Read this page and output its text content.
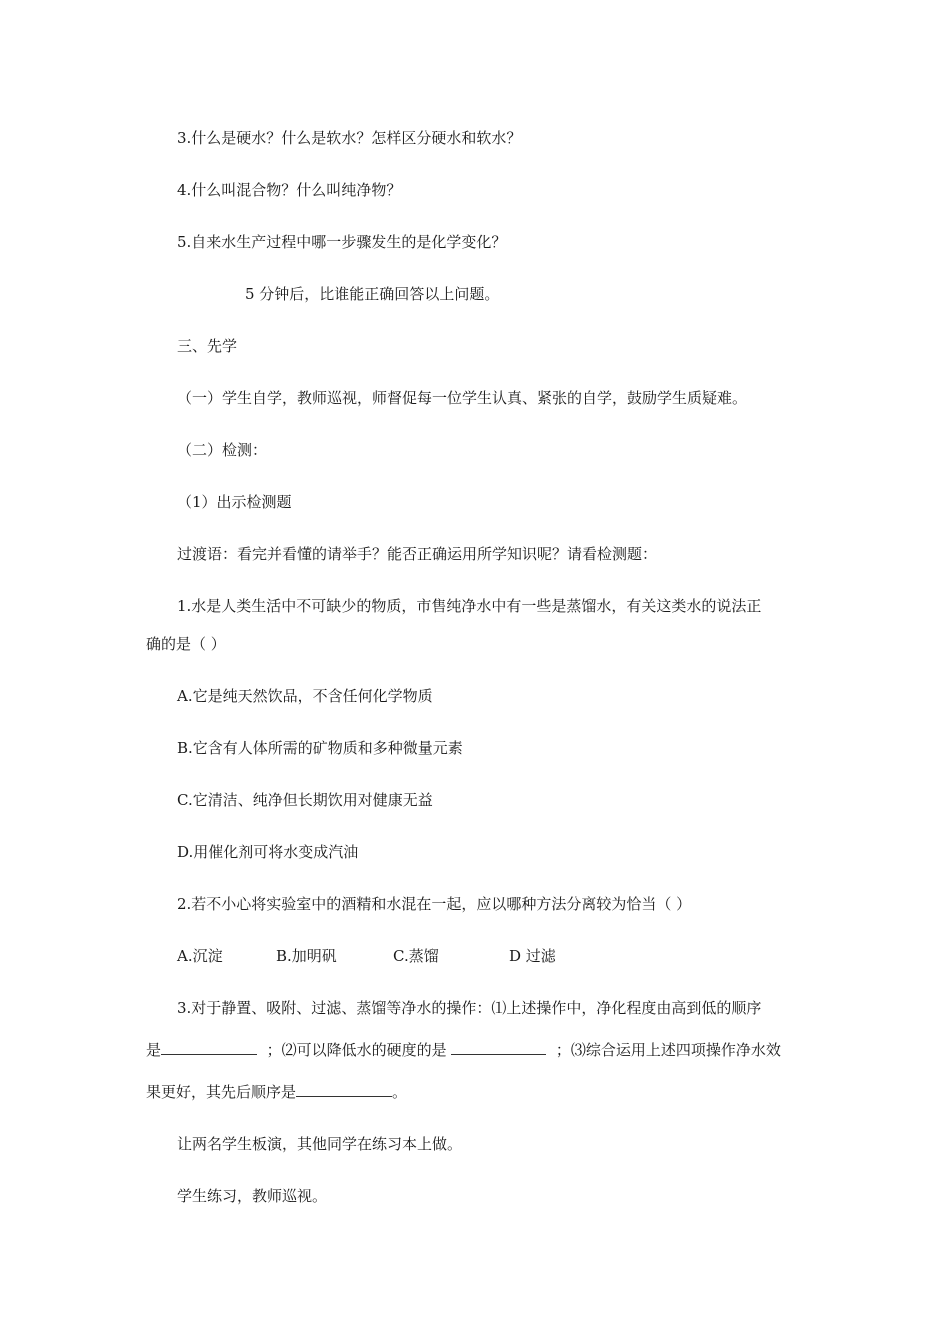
3.什么是硬水？什么是软水？怎样区分硬水和软水？
4.什么叫混合物？什么叫纯净物？
5.自来水生产过程中哪一步骤发生的是化学变化？
5 分钟后，比谁能正确回答以上问题。
三、先学
（一）学生自学，教师巡视，师督促每一位学生认真、紧张的自学，鼓励学生质疑难。
（二）检测：
（1）出示检测题
过渡语：看完并看懂的请举手？能否正确运用所学知识呢？请看检测题：
1.水是人类生活中不可缺少的物质，市售纯净水中有一些是蒸馏水，有关这类水的说法正
确的是（ ）
A.它是纯天然饮品，不含任何化学物质
B.它含有人体所需的矿物质和多种微量元素
C.它清洁、纯净但长期饮用对健康无益
D.用催化剂可将水变成汽油
2.若不小心将实验室中的酒精和水混在一起，应以哪种方法分离较为恰当（ ）
A.沉淀	B.加明矾	C.蒸馏	D 过滤
3.对于静置、吸附、过滤、蒸馏等净水的操作：⑴上述操作中，净化程度由高到低的顺序
是	；⑵可以降低水的硬度的是	；⑶综合运用上述四项操作净水效
果更好，其先后顺序是	。
让两名学生板演，其他同学在练习本上做。
学生练习，教师巡视。
